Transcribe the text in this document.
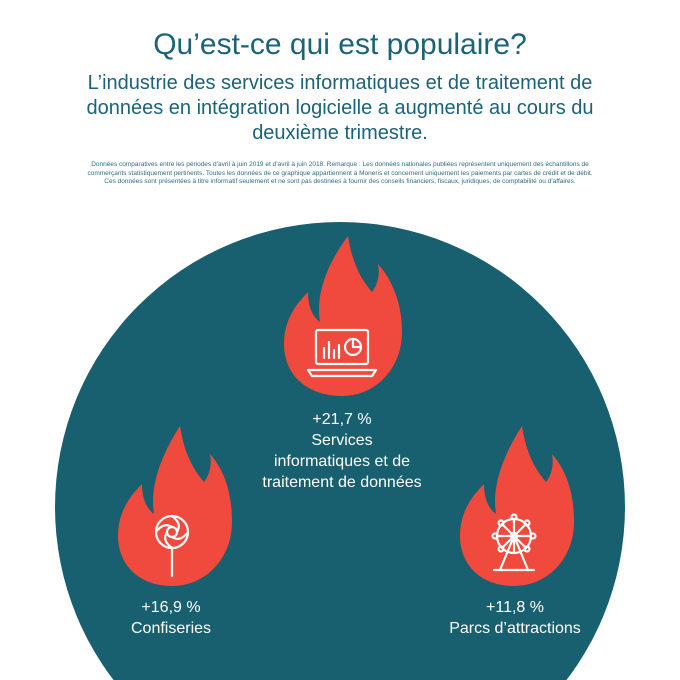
Qu’est-ce qui est populaire?

L’industrie des services informatiques et de traitement de données en intégration logicielle a augmenté au cours du deuxième trimestre.

Données comparatives entre les périodes d’avril à juin 2019 et d’avril à juin 2018. Remarque : Les données nationales publiées représentent uniquement des échantillons de commerçants statistiquement pertinents. Toutes les données de ce graphique appartiennent à Moneris et concernent uniquement les paiements par cartes de crédit et de débit. Ces données sont présentées à titre informatif seulement et ne sont pas destinées à fournir des conseils financiers, fiscaux, juridiques, de comptabilité ou d’affaires.

+21,7 %
Services informatiques et de traitement de données
+16,9 %
Confiseries
+11,8 %
Parcs d’attractions
